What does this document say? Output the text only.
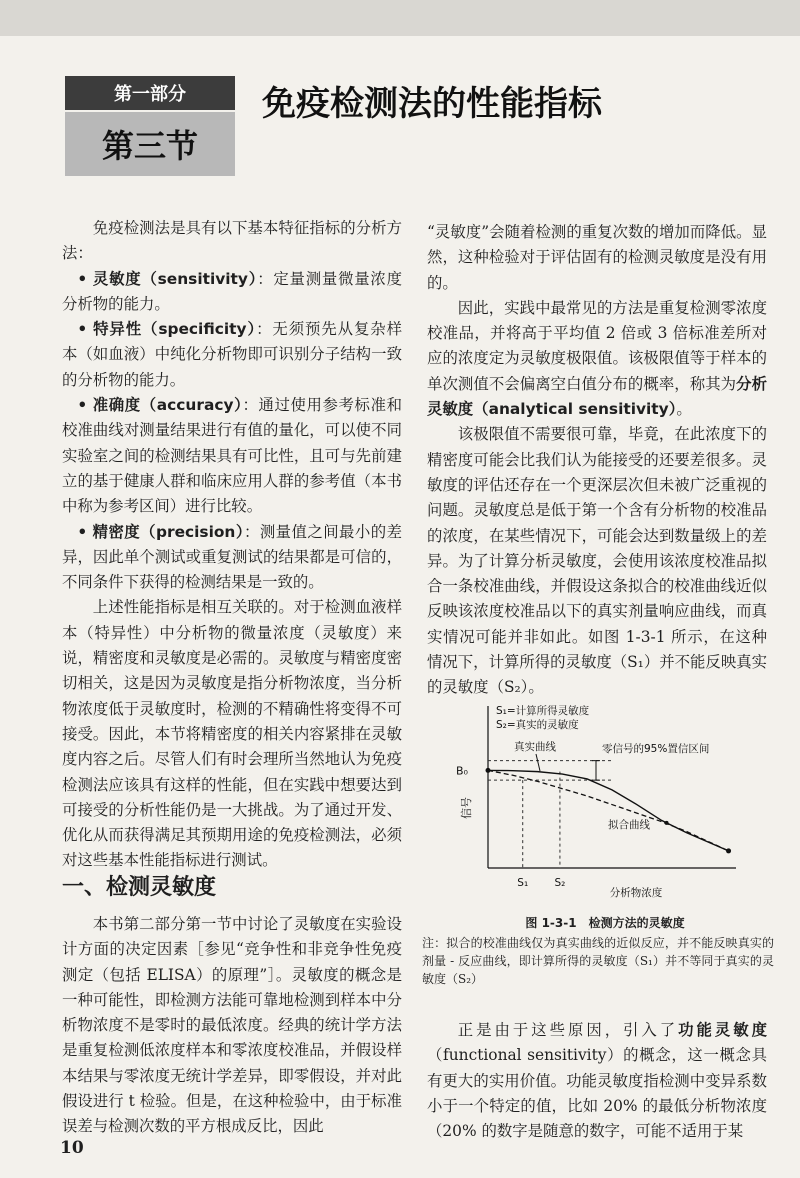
第一部分
第三节
免疫检测法的性能指标

免疫检测法是具有以下基本特征指标的分析方法：

• 灵敏度（sensitivity）：定量测量微量浓度分析物的能力。

• 特异性（specificity）：无须预先从复杂样本（如血液）中纯化分析物即可识别分子结构一致的分析物的能力。

• 准确度（accuracy）：通过使用参考标准和校准曲线对测量结果进行有值的量化，可以使不同实验室之间的检测结果具有可比性，且可与先前建立的基于健康人群和临床应用人群的参考值（本书中称为参考区间）进行比较。

• 精密度（precision）：测量值之间最小的差异，因此单个测试或重复测试的结果都是可信的，不同条件下获得的检测结果是一致的。

上述性能指标是相互关联的。对于检测血液样本（特异性）中分析物的微量浓度（灵敏度）来说，精密度和灵敏度是必需的。灵敏度与精密度密切相关，这是因为灵敏度是指分析物浓度，当分析物浓度低于灵敏度时，检测的不精确性将变得不可接受。因此，本节将精密度的相关内容紧排在灵敏度内容之后。尽管人们有时会理所当然地认为免疫检测法应该具有这样的性能，但在实践中想要达到可接受的分析性能仍是一大挑战。为了通过开发、优化从而获得满足其预期用途的免疫检测法，必须对这些基本性能指标进行测试。

一、检测灵敏度

本书第二部分第一节中讨论了灵敏度在实验设计方面的决定因素［参见“竞争性和非竞争性免疫测定（包括 ELISA）的原理”］。灵敏度的概念是一种可能性，即检测方法能可靠地检测到样本中分析物浓度不是零时的最低浓度。经典的统计学方法是重复检测低浓度样本和零浓度校准品，并假设样本结果与零浓度无统计学差异，即零假设，并对此假设进行 t 检验。但是，在这种检验中，由于标准误差与检测次数的平方根成反比，因此

“灵敏度”会随着检测的重复次数的增加而降低。显然，这种检验对于评估固有的检测灵敏度是没有用的。

因此，实践中最常见的方法是重复检测零浓度校准品，并将高于平均值 2 倍或 3 倍标准差所对应的浓度定为灵敏度极限值。该极限值等于样本的单次测值不会偏离空白值分布的概率，称其为分析灵敏度（analytical sensitivity）。

该极限值不需要很可靠，毕竟，在此浓度下的精密度可能会比我们认为能接受的还要差很多。灵敏度的评估还存在一个更深层次但未被广泛重视的问题。灵敏度总是低于第一个含有分析物的校准品的浓度，在某些情况下，可能会达到数量级上的差异。为了计算分析灵敏度，会使用该浓度校准品拟合一条校准曲线，并假设这条拟合的校准曲线近似反映该浓度校准品以下的真实剂量响应曲线，而真实情况可能并非如此。如图 1-3-1 所示，在这种情况下，计算所得的灵敏度（S₁）并不能反映真实的灵敏度（S₂）。

S₁=计算所得灵敏度
S₂=真实的灵敏度
零信号的95%置信区间
B₀
真实曲线
拟合曲线
S₁	S₂
分析物浓度
信号
图 1-3-1　检测方法的灵敏度
注：拟合的校准曲线仅为真实曲线的近似反应，并不能反映真实的剂量 - 反应曲线，即计算所得的灵敏度（S₁）并不等同于真实的灵敏度（S₂）

正是由于这些原因，引入了功能灵敏度（functional sensitivity）的概念，这一概念具有更大的实用价值。功能灵敏度指检测中变异系数小于一个特定的值，比如 20% 的最低分析物浓度（20% 的数字是随意的数字，可能不适用于某

10
